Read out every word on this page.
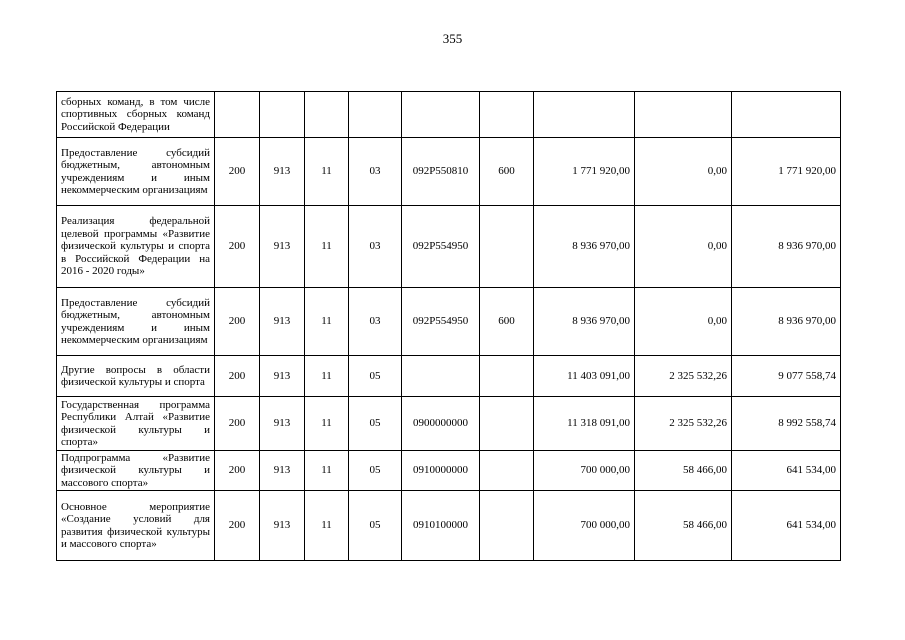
355
сборных команд, в том числе спортивных сборных команд Российской Федерации									
Предоставление субсидий бюджетным, автономным учреждениям и иным некоммерческим организациям	200	913	11	03	092P550810	600	1 771 920,00	0,00	1 771 920,00
Реализация федеральной целевой программы «Развитие физической культуры и спорта в Российской Федерации на 2016 - 2020 годы»	200	913	11	03	092P554950		8 936 970,00	0,00	8 936 970,00
Предоставление субсидий бюджетным, автономным учреждениям и иным некоммерческим организациям	200	913	11	03	092P554950	600	8 936 970,00	0,00	8 936 970,00
Другие вопросы в области физической культуры и спорта	200	913	11	05			11 403 091,00	2 325 532,26	9 077 558,74
Государственная программа Республики Алтай «Развитие физической культуры и спорта»	200	913	11	05	0900000000		11 318 091,00	2 325 532,26	8 992 558,74
Подпрограмма «Развитие физической культуры и массового спорта»	200	913	11	05	0910000000		700 000,00	58 466,00	641 534,00
Основное мероприятие «Создание условий для развития физической культуры и массового спорта»	200	913	11	05	0910100000		700 000,00	58 466,00	641 534,00
